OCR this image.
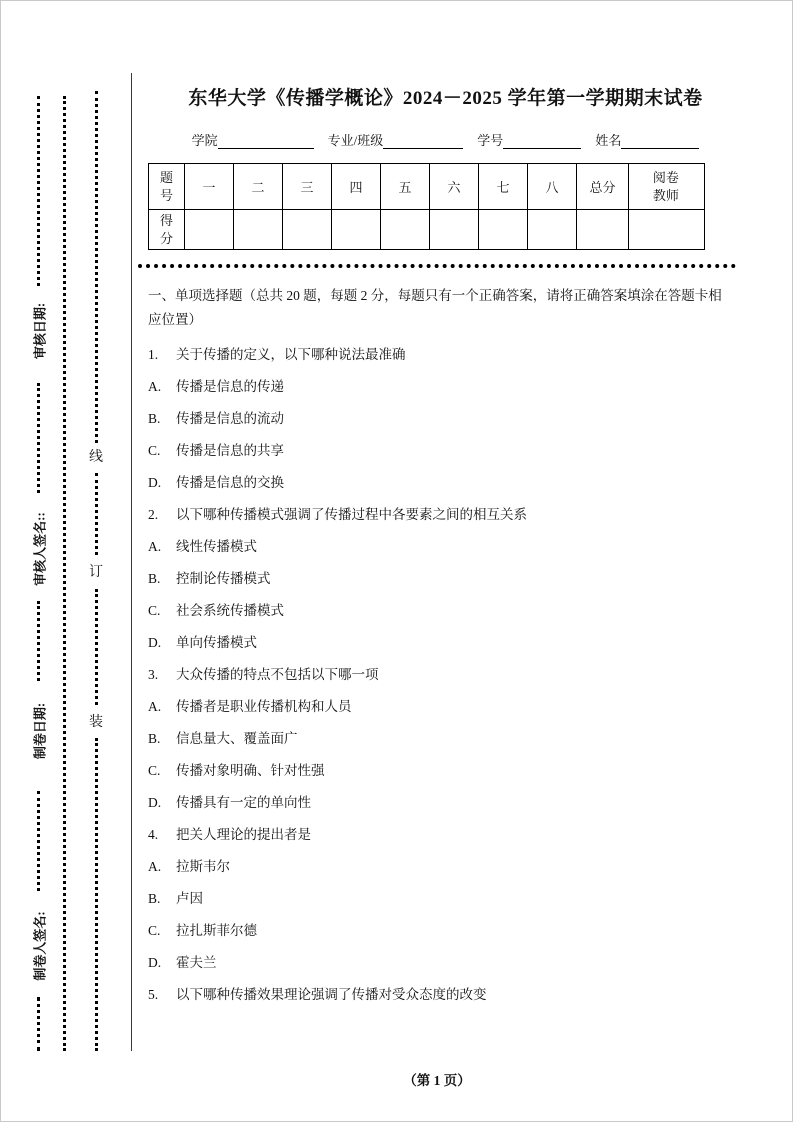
审核日期:
审核人签名::
制卷日期:
制卷人签名:
线
订
装
东华大学《传播学概论》2024－2025 学年第一学期期末试卷
学院	专业/班级	学号	姓名
题号	一	二	三	四	五	六	七	八	总分	阅卷教师
得分										
一、单项选择题（总共 20 题，每题 2 分，每题只有一个正确答案，请将正确答案填涂在答题卡相应位置）
1.	关于传播的定义，以下哪种说法最准确
A.	传播是信息的传递
B.	传播是信息的流动
C.	传播是信息的共享
D.	传播是信息的交换
2.	以下哪种传播模式强调了传播过程中各要素之间的相互关系
A.	线性传播模式
B.	控制论传播模式
C.	社会系统传播模式
D.	单向传播模式
3.	大众传播的特点不包括以下哪一项
A.	传播者是职业传播机构和人员
B.	信息量大、覆盖面广
C.	传播对象明确、针对性强
D.	传播具有一定的单向性
4.	把关人理论的提出者是
A.	拉斯韦尔
B.	卢因
C.	拉扎斯菲尔德
D.	霍夫兰
5.	以下哪种传播效果理论强调了传播对受众态度的改变
（第 1 页）
